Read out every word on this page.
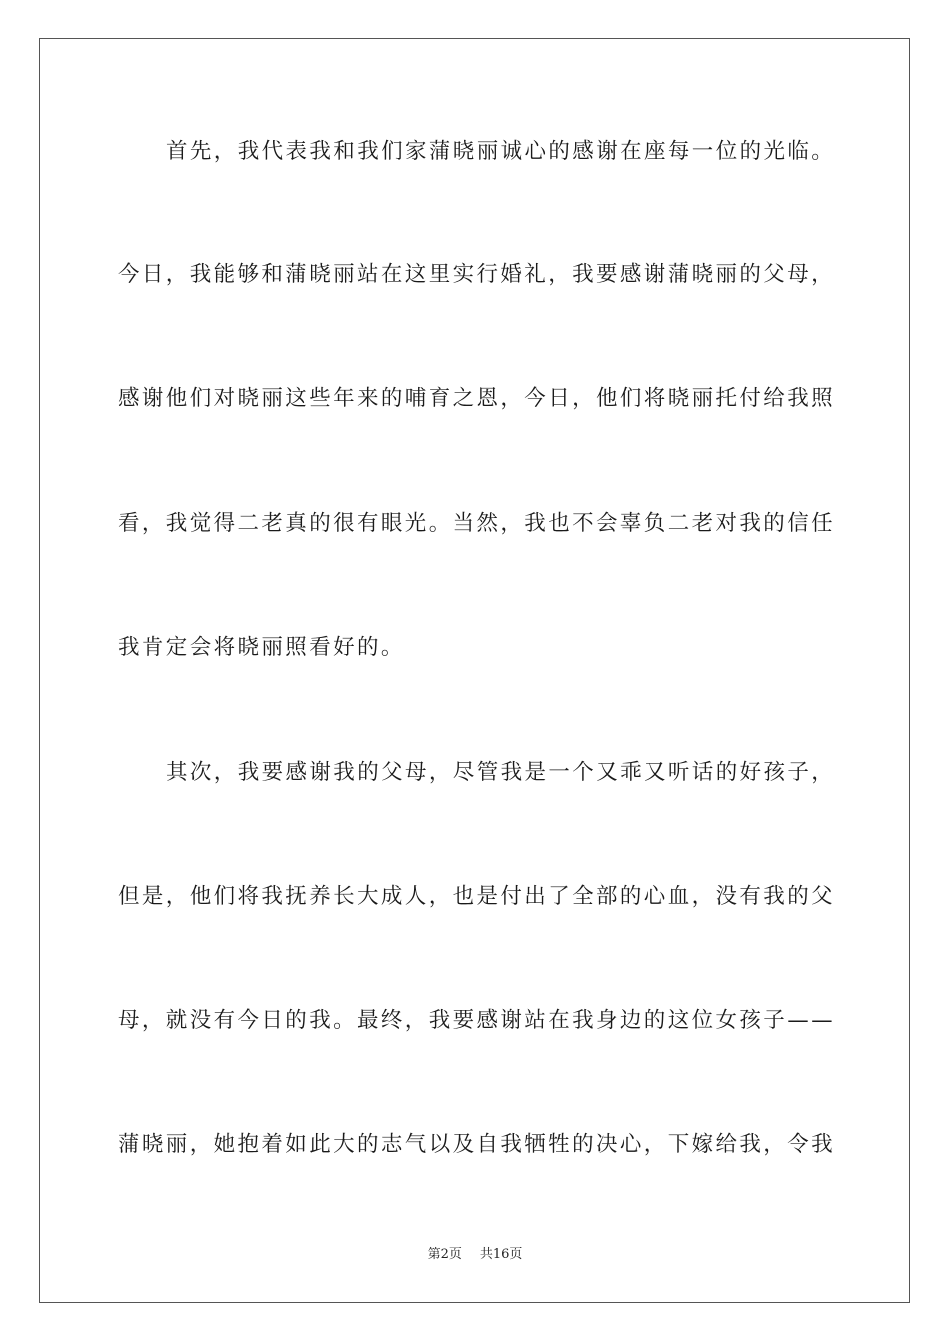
首先，我代表我和我们家蒲晓丽诚心的感谢在座每一位的光临。
今日，我能够和蒲晓丽站在这里实行婚礼，我要感谢蒲晓丽的父母，
感谢他们对晓丽这些年来的哺育之恩，今日，他们将晓丽托付给我照
看，我觉得二老真的很有眼光。当然，我也不会辜负二老对我的信任
我肯定会将晓丽照看好的。
其次，我要感谢我的父母，尽管我是一个又乖又听话的好孩子，
但是，他们将我抚养长大成人，也是付出了全部的心血，没有我的父
母，就没有今日的我。最终，我要感谢站在我身边的这位女孩子——
蒲晓丽，她抱着如此大的志气以及自我牺牲的决心，下嫁给我，令我
第2页 共16页
